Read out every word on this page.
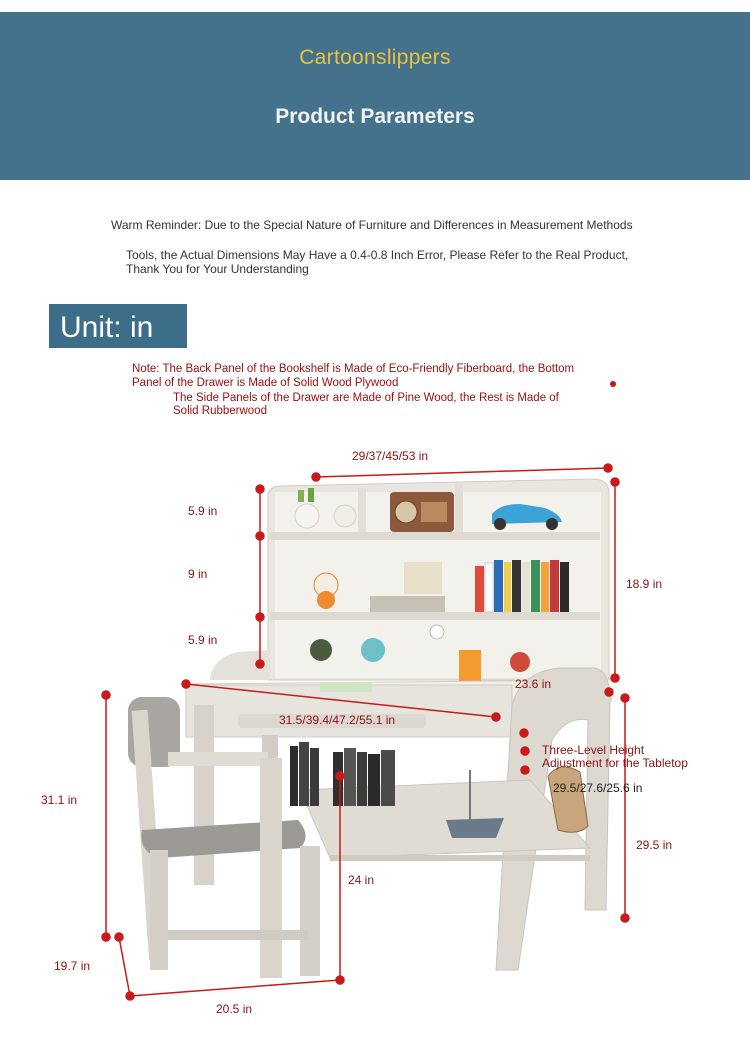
Cartoonslippers
Product Parameters
Warm Reminder: Due to the Special Nature of Furniture and Differences in Measurement Methods
Tools, the Actual Dimensions May Have a 0.4-0.8 Inch Error, Please Refer to the Real Product,
Thank You for Your Understanding
Unit: in
Note: The Back Panel of the Bookshelf is Made of Eco-Friendly Fiberboard, the Bottom
Panel of the Drawer is Made of Solid Wood Plywood
The Side Panels of the Drawer are Made of Pine Wood, the Rest is Made of
Solid Rubberwood
29/37/45/53 in
5.9 in
9 in
5.9 in
18.9 in
23.6 in
31.5/39.4/47.2/55.1 in
Three-Level Height
Adjustment for the Tabletop
29.5/27.6/25.6 in
29.5 in
31.1 in
24 in
19.7 in
20.5 in
